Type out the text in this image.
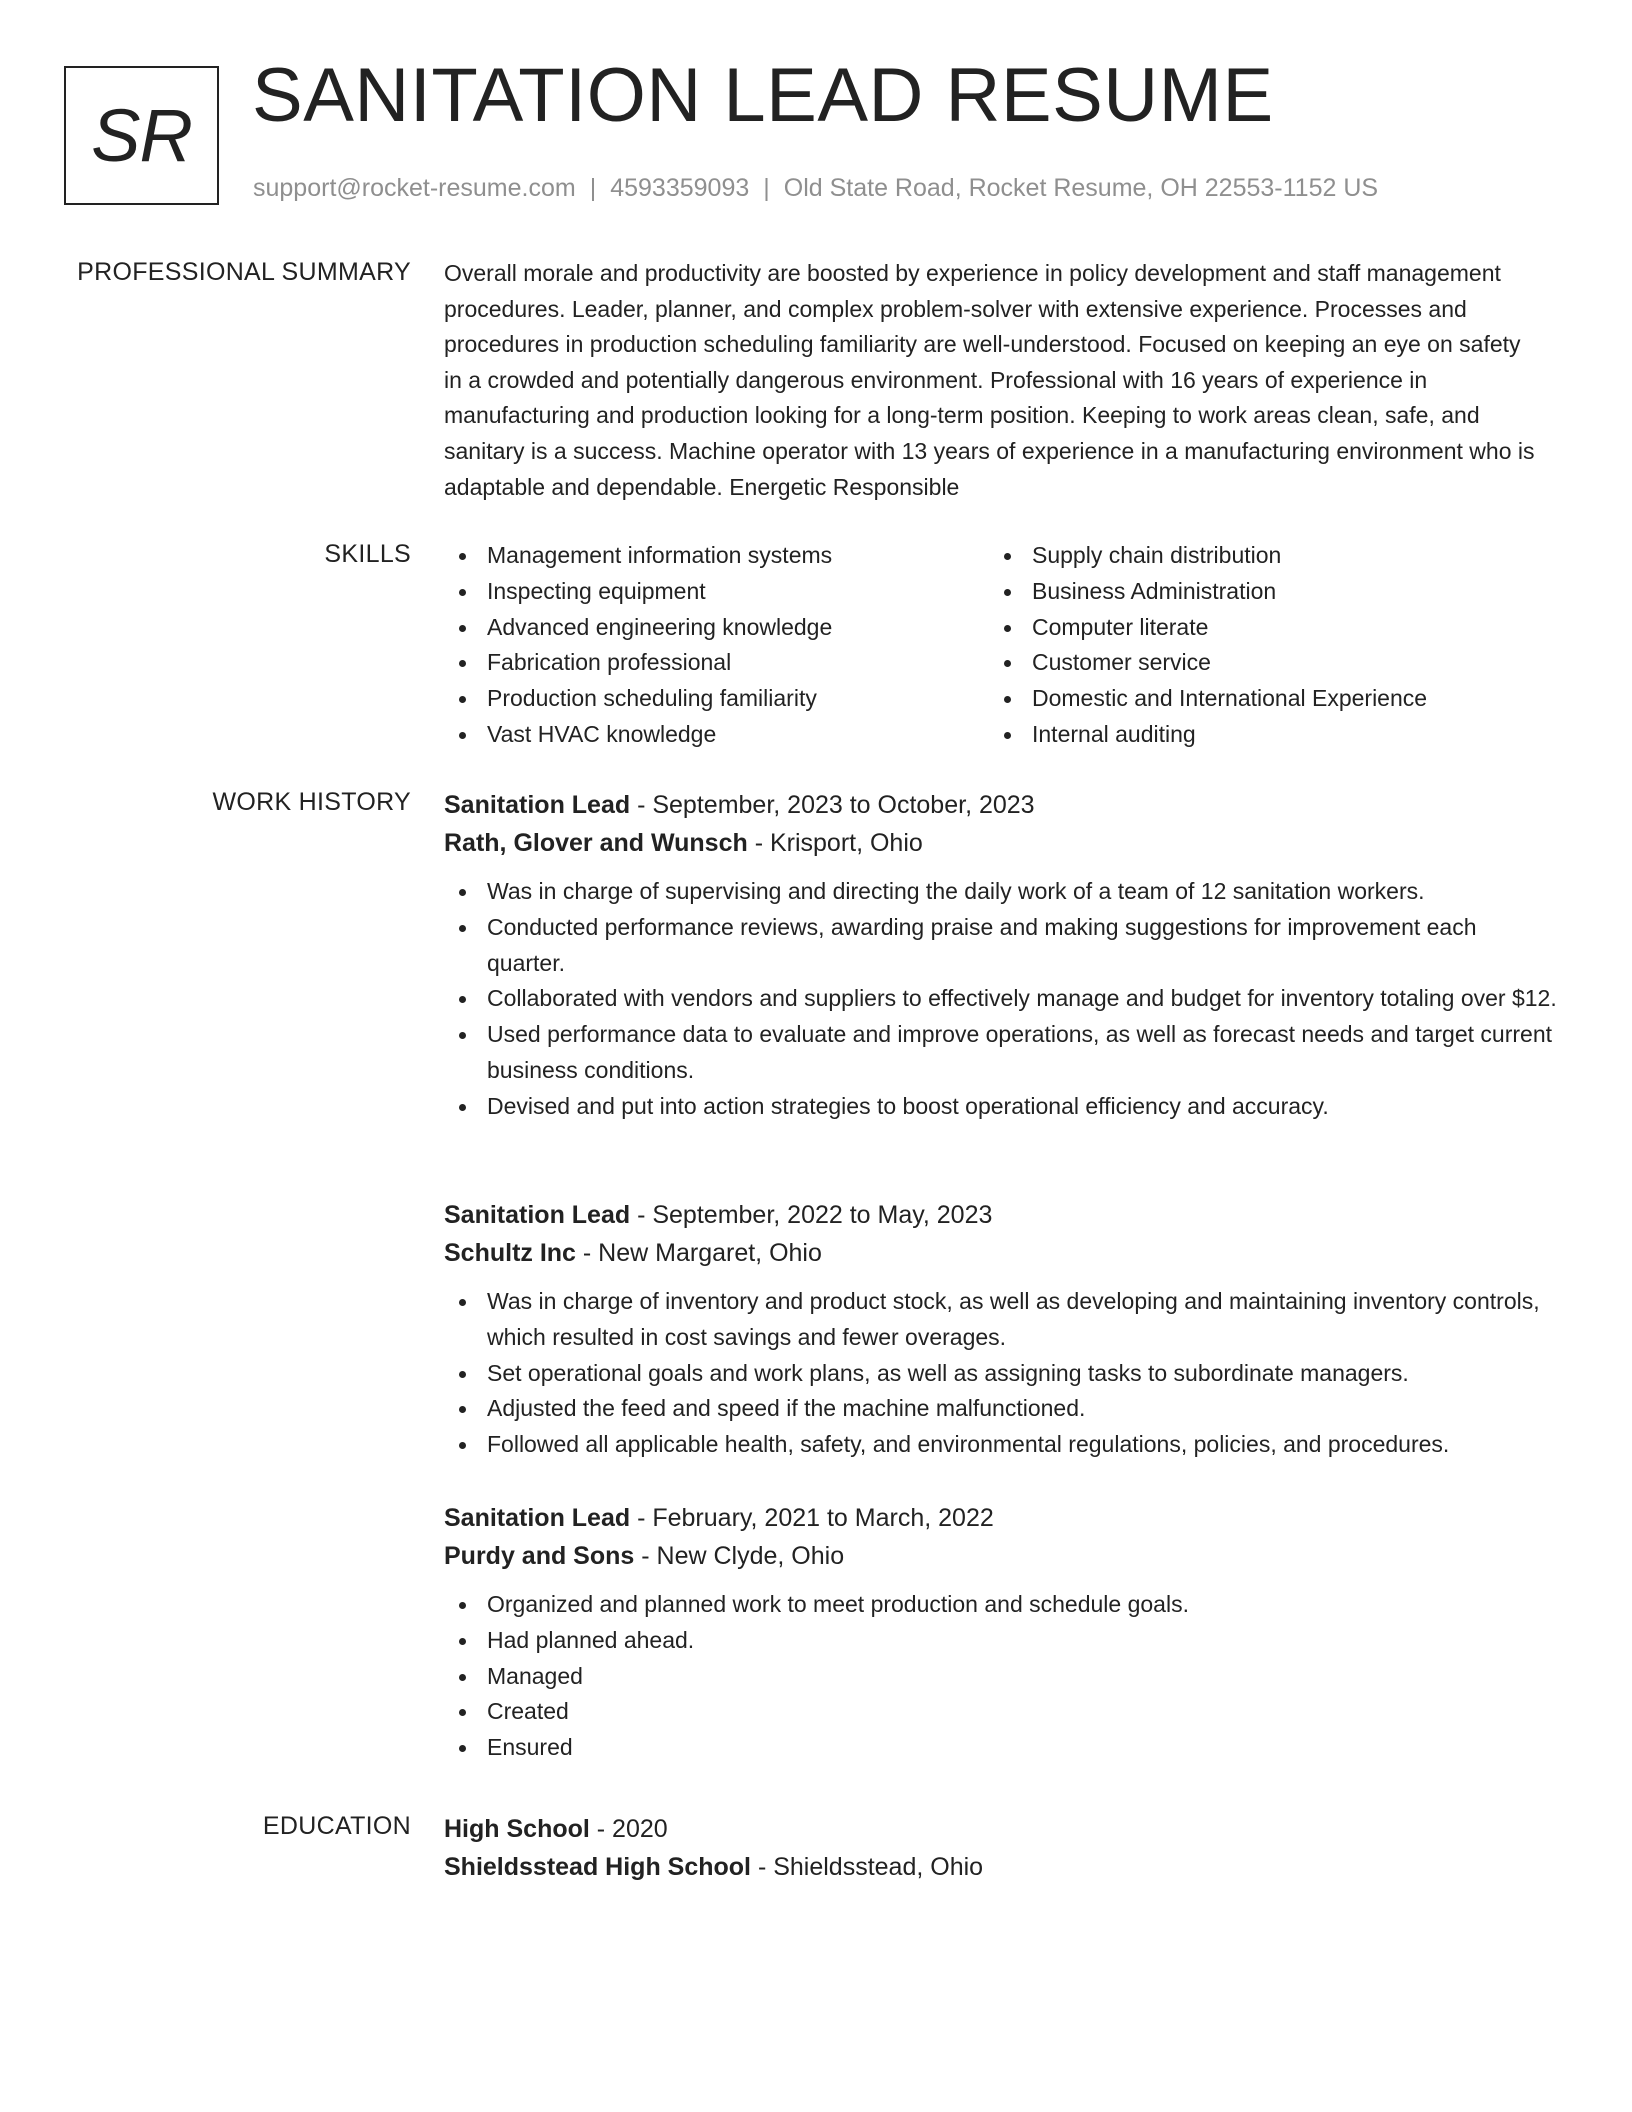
SR SANITATION LEAD RESUME
support@rocket-resume.com | 4593359093 | Old State Road, Rocket Resume, OH 22553-1152 US
PROFESSIONAL SUMMARY Overall morale and productivity are boosted by experience in policy development and staff management procedures. Leader, planner, and complex problem-solver with extensive experience. Processes and procedures in production scheduling familiarity are well-understood. Focused on keeping an eye on safety in a crowded and potentially dangerous environment. Professional with 16 years of experience in manufacturing and production looking for a long-term position. Keeping to work areas clean, safe, and sanitary is a success. Machine operator with 13 years of experience in a manufacturing environment who is adaptable and dependable. Energetic Responsible

SKILLS	Management information systems
Inspecting equipment
Advanced engineering knowledge
Fabrication professional
Production scheduling familiarity
Vast HVAC knowledge
Supply chain distribution
Business Administration
Computer literate
Customer service
Domestic and International Experience
Internal auditing
WORK HISTORY Sanitation Lead - September, 2023 to October, 2023
Rath, Glover and Wunsch - Krisport, Ohio
Was in charge of supervising and directing the daily work of a team of 12 sanitation workers.
Conducted performance reviews, awarding praise and making suggestions for improvement each quarter.
Collaborated with vendors and suppliers to effectively manage and budget for inventory totaling over $12.
Used performance data to evaluate and improve operations, as well as forecast needs and target current business conditions.
Devised and put into action strategies to boost operational efficiency and accuracy.
Sanitation Lead - September, 2022 to May, 2023
Schultz Inc - New Margaret, Ohio
Was in charge of inventory and product stock, as well as developing and maintaining inventory controls, which resulted in cost savings and fewer overages.
Set operational goals and work plans, as well as assigning tasks to subordinate managers.
Adjusted the feed and speed if the machine malfunctioned.
Followed all applicable health, safety, and environmental regulations, policies, and procedures.
Sanitation Lead - February, 2021 to March, 2022
Purdy and Sons - New Clyde, Ohio
Organized and planned work to meet production and schedule goals.
Had planned ahead.
Managed
Created
Ensured
EDUCATION High School - 2020
Shieldsstead High School - Shieldsstead, Ohio
